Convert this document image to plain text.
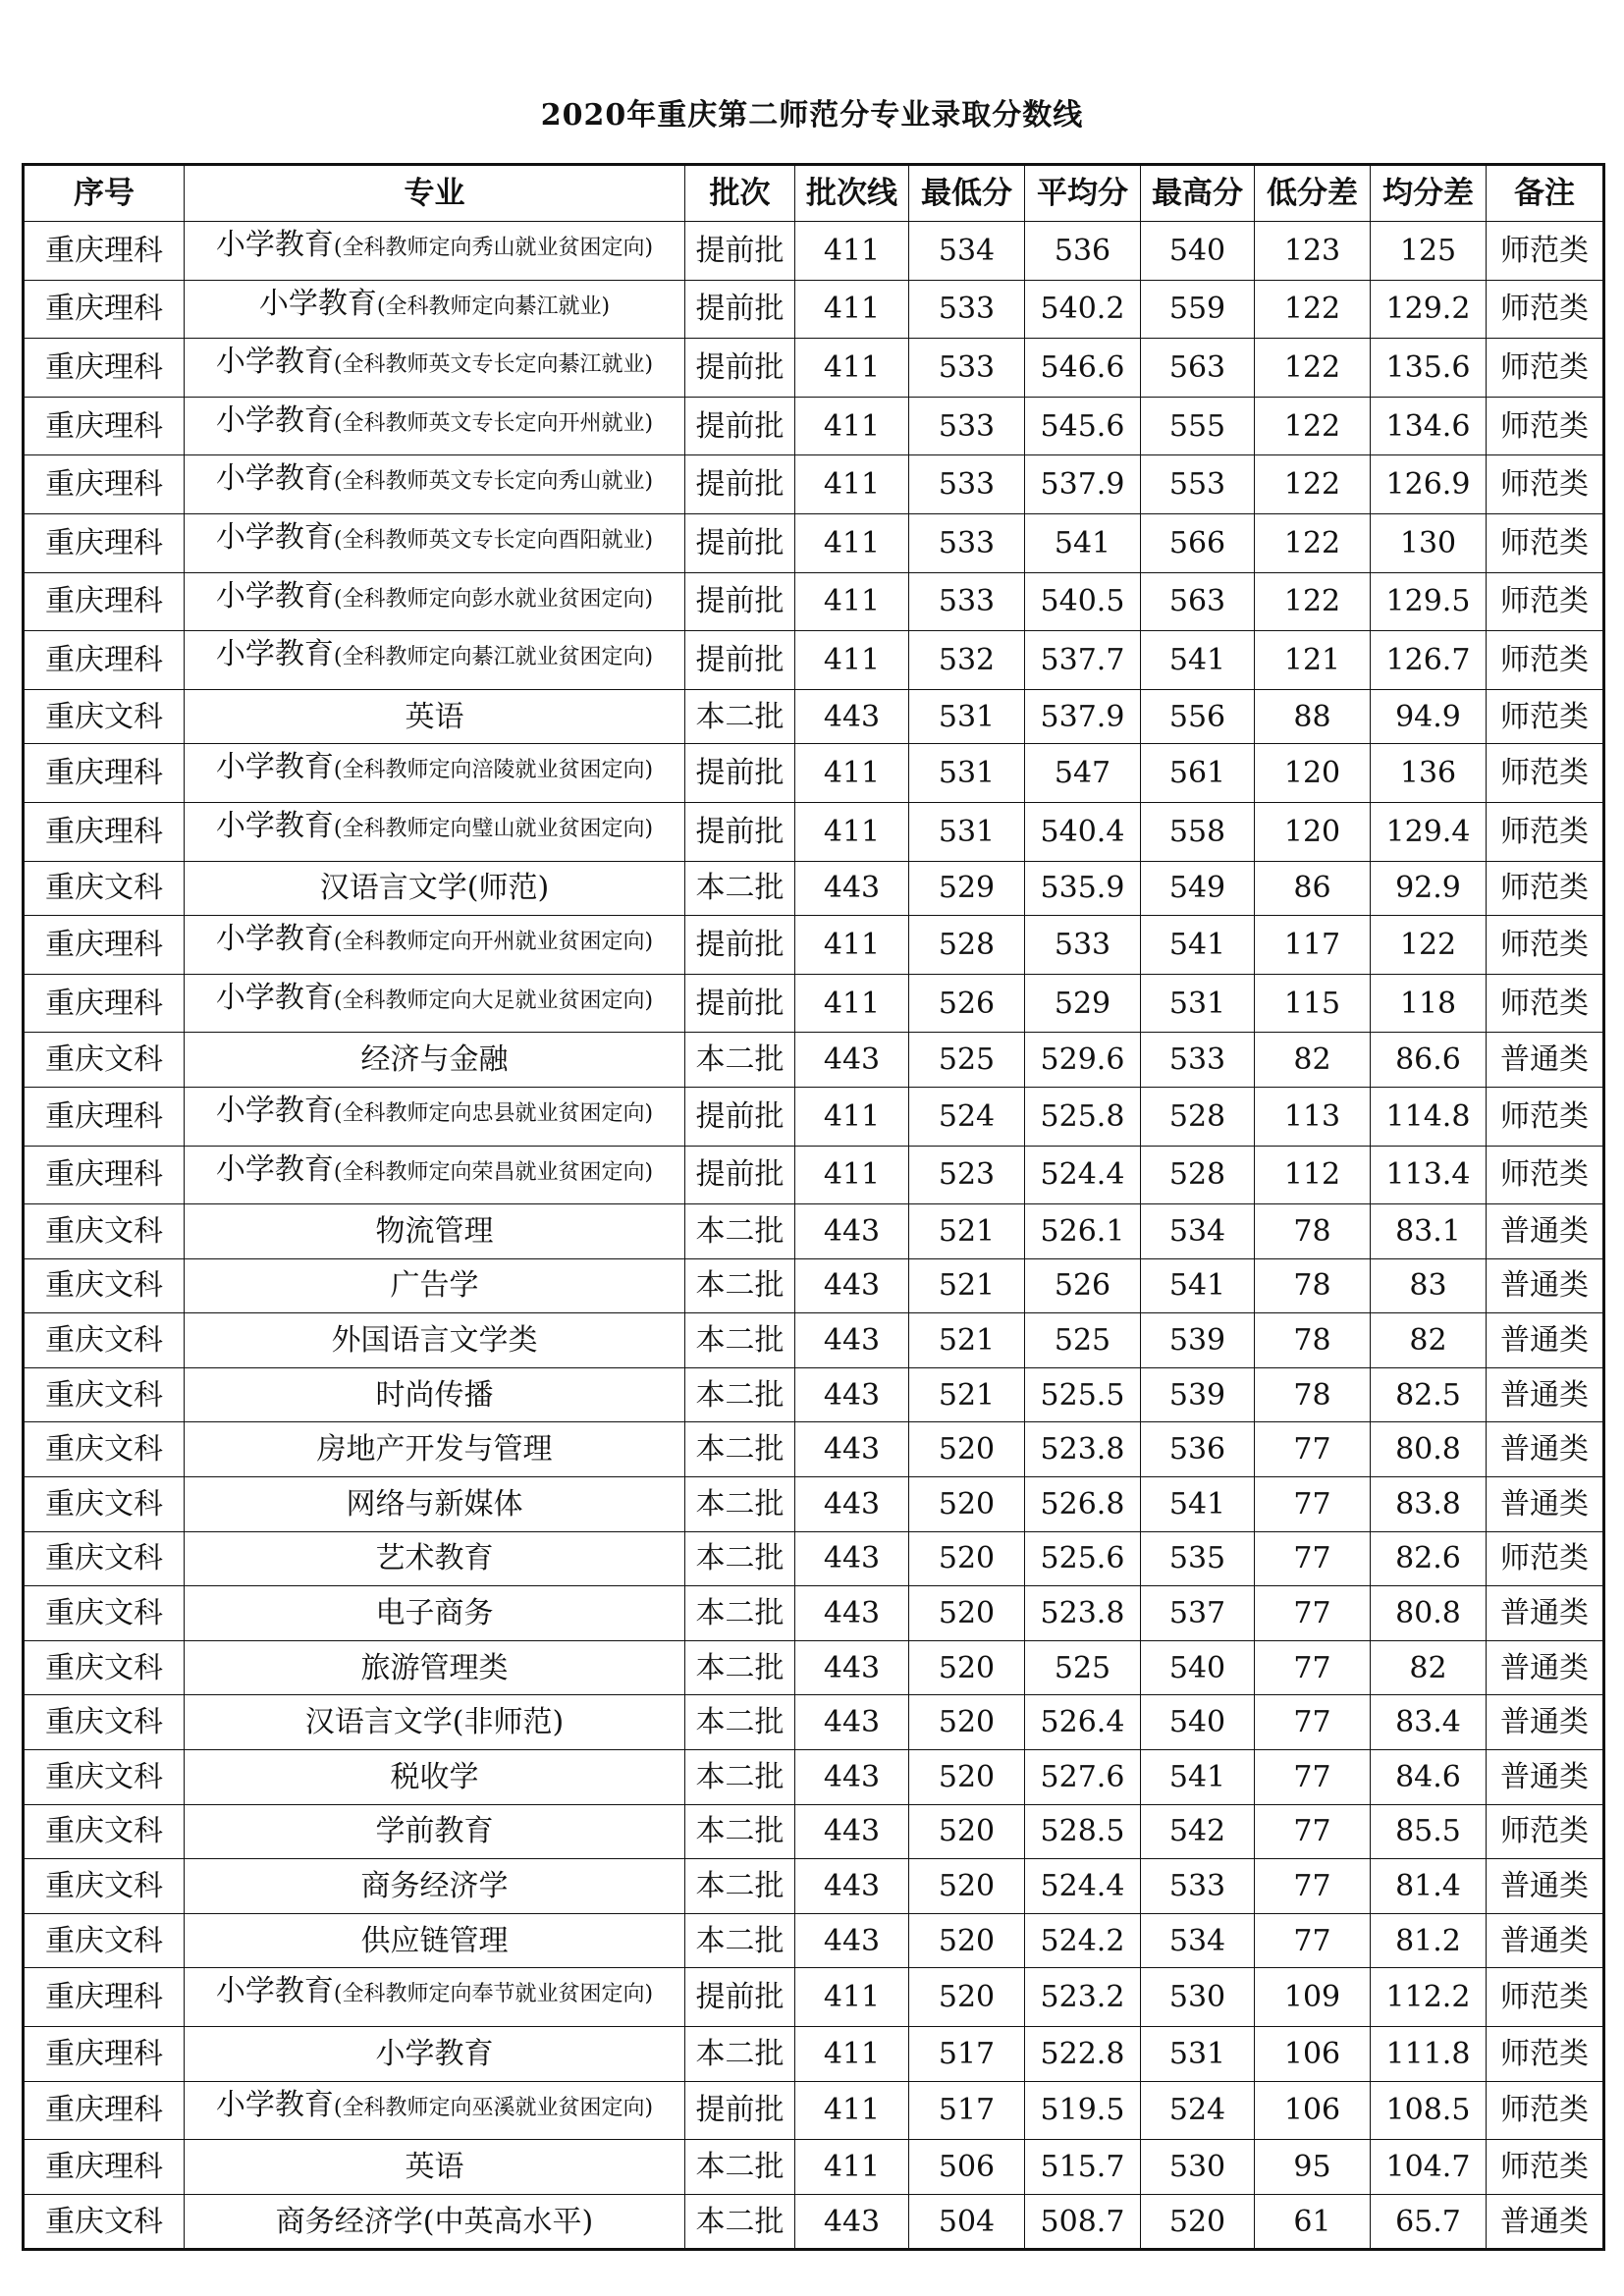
2020年重庆第二师范分专业录取分数线
序号	专业	批次	批次线	最低分	平均分	最高分	低分差	均分差	备注
重庆理科	小学教育(全科教师定向秀山就业贫困定向)	提前批	411	534	536	540	123	125	师范类
重庆理科	小学教育(全科教师定向綦江就业)	提前批	411	533	540.2	559	122	129.2	师范类
重庆理科	小学教育(全科教师英文专长定向綦江就业)	提前批	411	533	546.6	563	122	135.6	师范类
重庆理科	小学教育(全科教师英文专长定向开州就业)	提前批	411	533	545.6	555	122	134.6	师范类
重庆理科	小学教育(全科教师英文专长定向秀山就业)	提前批	411	533	537.9	553	122	126.9	师范类
重庆理科	小学教育(全科教师英文专长定向酉阳就业)	提前批	411	533	541	566	122	130	师范类
重庆理科	小学教育(全科教师定向彭水就业贫困定向)	提前批	411	533	540.5	563	122	129.5	师范类
重庆理科	小学教育(全科教师定向綦江就业贫困定向)	提前批	411	532	537.7	541	121	126.7	师范类
重庆文科	英语	本二批	443	531	537.9	556	88	94.9	师范类
重庆理科	小学教育(全科教师定向涪陵就业贫困定向)	提前批	411	531	547	561	120	136	师范类
重庆理科	小学教育(全科教师定向璧山就业贫困定向)	提前批	411	531	540.4	558	120	129.4	师范类
重庆文科	汉语言文学(师范)	本二批	443	529	535.9	549	86	92.9	师范类
重庆理科	小学教育(全科教师定向开州就业贫困定向)	提前批	411	528	533	541	117	122	师范类
重庆理科	小学教育(全科教师定向大足就业贫困定向)	提前批	411	526	529	531	115	118	师范类
重庆文科	经济与金融	本二批	443	525	529.6	533	82	86.6	普通类
重庆理科	小学教育(全科教师定向忠县就业贫困定向)	提前批	411	524	525.8	528	113	114.8	师范类
重庆理科	小学教育(全科教师定向荣昌就业贫困定向)	提前批	411	523	524.4	528	112	113.4	师范类
重庆文科	物流管理	本二批	443	521	526.1	534	78	83.1	普通类
重庆文科	广告学	本二批	443	521	526	541	78	83	普通类
重庆文科	外国语言文学类	本二批	443	521	525	539	78	82	普通类
重庆文科	时尚传播	本二批	443	521	525.5	539	78	82.5	普通类
重庆文科	房地产开发与管理	本二批	443	520	523.8	536	77	80.8	普通类
重庆文科	网络与新媒体	本二批	443	520	526.8	541	77	83.8	普通类
重庆文科	艺术教育	本二批	443	520	525.6	535	77	82.6	师范类
重庆文科	电子商务	本二批	443	520	523.8	537	77	80.8	普通类
重庆文科	旅游管理类	本二批	443	520	525	540	77	82	普通类
重庆文科	汉语言文学(非师范)	本二批	443	520	526.4	540	77	83.4	普通类
重庆文科	税收学	本二批	443	520	527.6	541	77	84.6	普通类
重庆文科	学前教育	本二批	443	520	528.5	542	77	85.5	师范类
重庆文科	商务经济学	本二批	443	520	524.4	533	77	81.4	普通类
重庆文科	供应链管理	本二批	443	520	524.2	534	77	81.2	普通类
重庆理科	小学教育(全科教师定向奉节就业贫困定向)	提前批	411	520	523.2	530	109	112.2	师范类
重庆理科	小学教育	本二批	411	517	522.8	531	106	111.8	师范类
重庆理科	小学教育(全科教师定向巫溪就业贫困定向)	提前批	411	517	519.5	524	106	108.5	师范类
重庆理科	英语	本二批	411	506	515.7	530	95	104.7	师范类
重庆文科	商务经济学(中英高水平)	本二批	443	504	508.7	520	61	65.7	普通类
